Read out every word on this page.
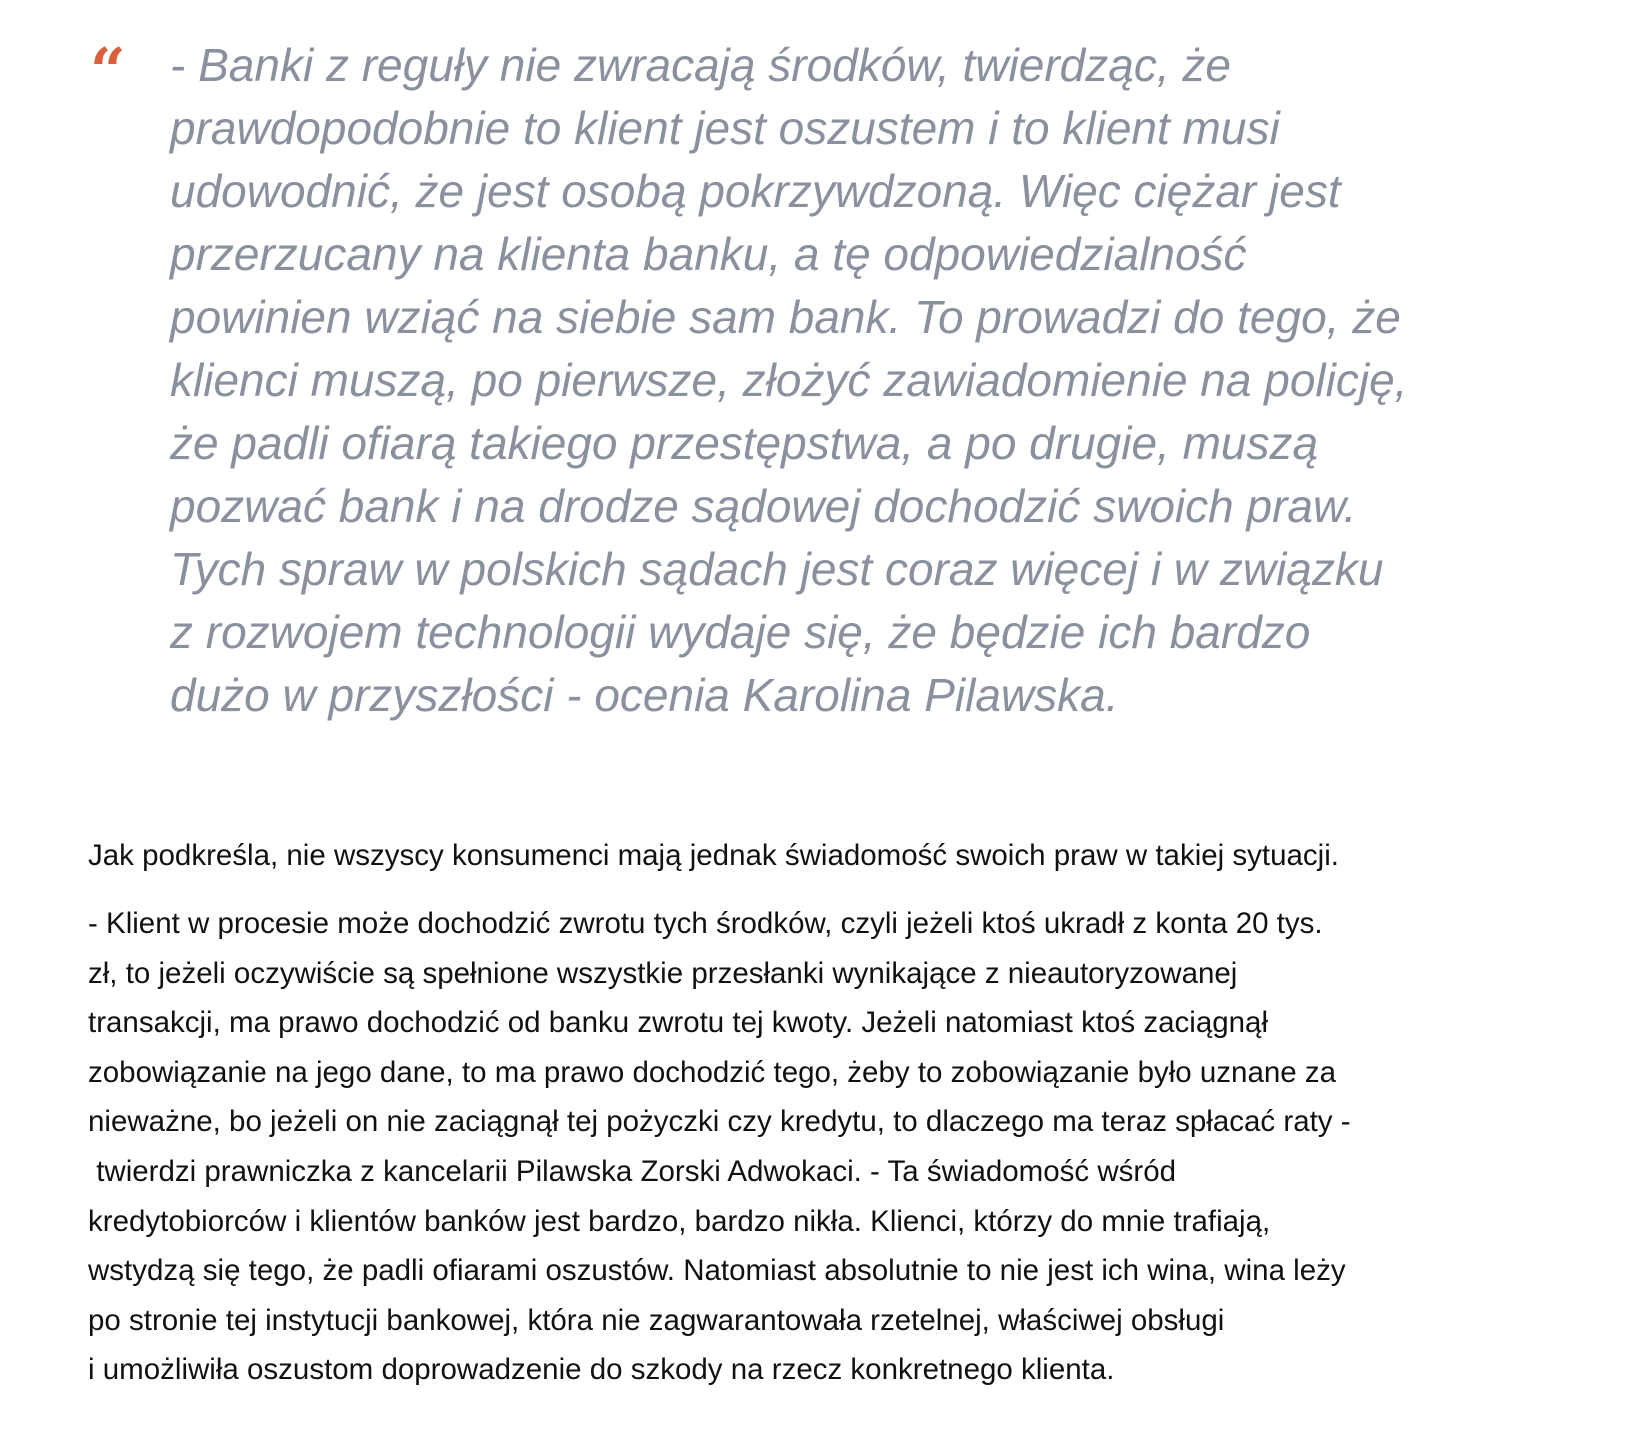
“ - Banki z reguły nie zwracają środków, twierdząc, że
prawdopodobnie to klient jest oszustem i to klient musi
udowodnić, że jest osobą pokrzywdzoną. Więc ciężar jest
przerzucany na klienta banku, a tę odpowiedzialność
powinien wziąć na siebie sam bank. To prowadzi do tego, że
klienci muszą, po pierwsze, złożyć zawiadomienie na policję,
że padli ofiarą takiego przestępstwa, a po drugie, muszą
pozwać bank i na drodze sądowej dochodzić swoich praw.
Tych spraw w polskich sądach jest coraz więcej i w związku
z rozwojem technologii wydaje się, że będzie ich bardzo
dużo w przyszłości - ocenia Karolina Pilawska.

Jak podkreśla, nie wszyscy konsumenci mają jednak świadomość swoich praw w takiej sytuacji.

- Klient w procesie może dochodzić zwrotu tych środków, czyli jeżeli ktoś ukradł z konta 20 tys.
zł, to jeżeli oczywiście są spełnione wszystkie przesłanki wynikające z nieautoryzowanej
transakcji, ma prawo dochodzić od banku zwrotu tej kwoty. Jeżeli natomiast ktoś zaciągnął
zobowiązanie na jego dane, to ma prawo dochodzić tego, żeby to zobowiązanie było uznane za
nieważne, bo jeżeli on nie zaciągnął tej pożyczki czy kredytu, to dlaczego ma teraz spłacać raty -
twierdzi prawniczka z kancelarii Pilawska Zorski Adwokaci. - Ta świadomość wśród
kredytobiorców i klientów banków jest bardzo, bardzo nikła. Klienci, którzy do mnie trafiają,
wstydzą się tego, że padli ofiarami oszustów. Natomiast absolutnie to nie jest ich wina, wina leży
po stronie tej instytucji bankowej, która nie zagwarantowała rzetelnej, właściwej obsługi
i umożliwiła oszustom doprowadzenie do szkody na rzecz konkretnego klienta.
